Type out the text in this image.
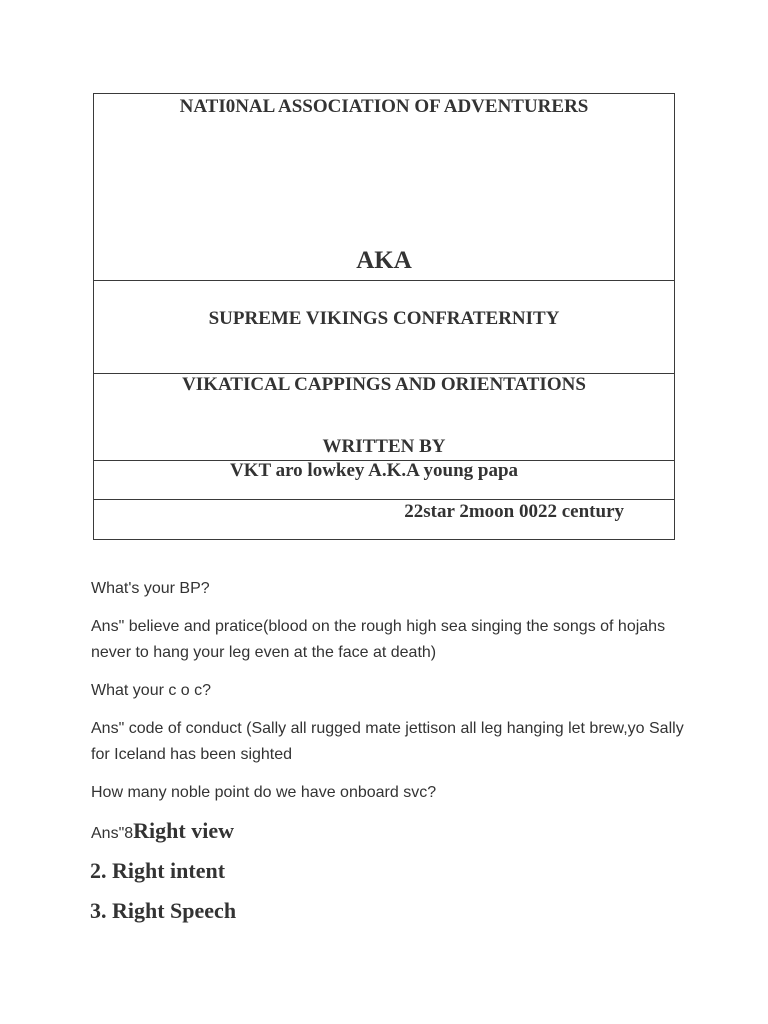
NATI0NAL ASSOCIATION OF ADVENTURERS
AKA
SUPREME VIKINGS CONFRATERNITY
VIKATICAL CAPPINGS AND ORIENTATIONS
WRITTEN BY
VKT aro lowkey A.K.A young papa
22star 2moon 0022 century
What's your BP?
Ans" believe and pratice(blood on the rough high sea singing the songs of hojahs never to hang your leg even at the face at death)
What your c o c?
Ans" code of conduct (Sally all rugged mate jettison all leg hanging let brew,yo Sally for Iceland has been sighted
How many noble point do we have onboard svc?
Ans"8Right view
2. Right intent
3. Right Speech
